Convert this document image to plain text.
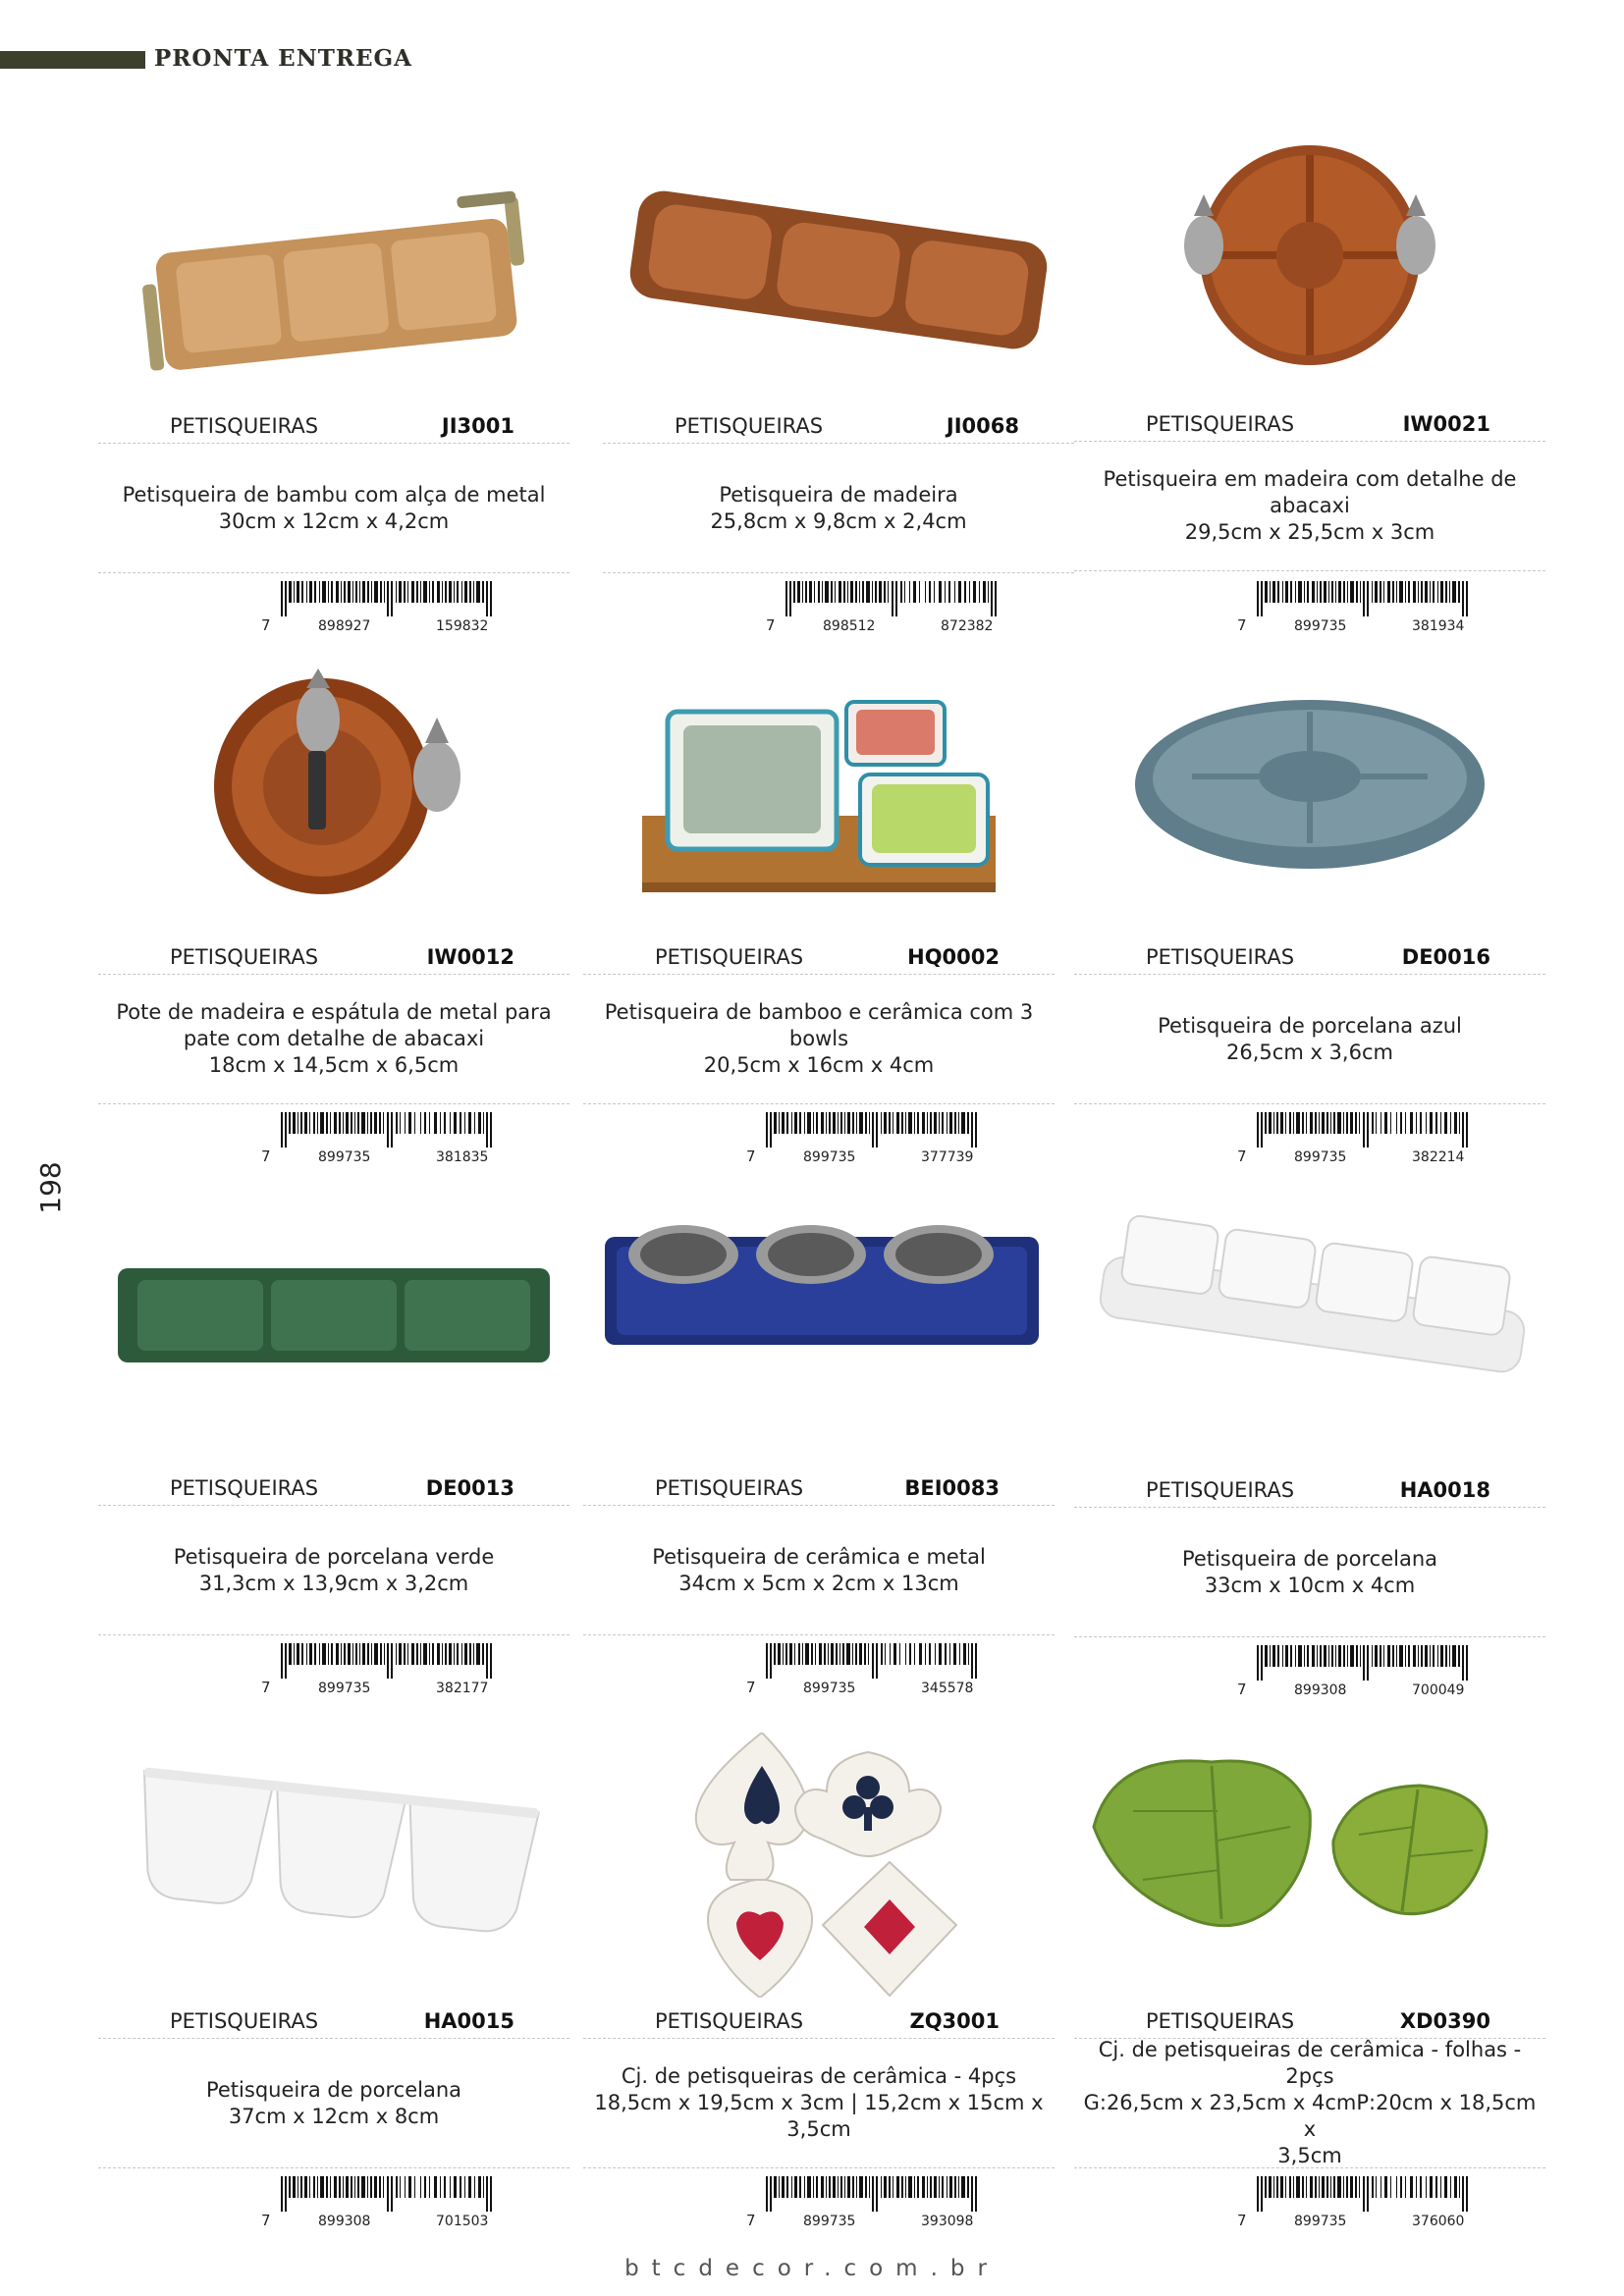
PRONTA ENTREGA
198
btcdecor.com.br
PETISQUEIRAS	JI3001
Petisqueira de bambu com alça de metal
30cm x 12cm x 4,2cm
7	898927	159832
PETISQUEIRAS	JI0068
Petisqueira de madeira
25,8cm x 9,8cm x 2,4cm
7	898512	872382
PETISQUEIRAS	IW0021
Petisqueira em madeira com detalhe de
abacaxi
29,5cm x 25,5cm x 3cm
7	899735	381934
PETISQUEIRAS	IW0012
Pote de madeira e espátula de metal para
pate com detalhe de abacaxi
18cm x 14,5cm x 6,5cm
7	899735	381835
PETISQUEIRAS	HQ0002
Petisqueira de bamboo e cerâmica com 3
bowls
20,5cm x 16cm x 4cm
7	899735	377739
PETISQUEIRAS	DE0016
Petisqueira de porcelana azul
26,5cm x 3,6cm
7	899735	382214
PETISQUEIRAS	DE0013
Petisqueira de porcelana verde
31,3cm x 13,9cm x 3,2cm
7	899735	382177
PETISQUEIRAS	BEI0083
Petisqueira de cerâmica e metal
34cm x 5cm x 2cm x 13cm
7	899735	345578
PETISQUEIRAS	HA0018
Petisqueira de porcelana
33cm x 10cm x 4cm
7	899308	700049
PETISQUEIRAS	HA0015
Petisqueira de porcelana
37cm x 12cm x 8cm
7	899308	701503
PETISQUEIRAS	ZQ3001
Cj. de petisqueiras de cerâmica - 4pçs
18,5cm x 19,5cm x 3cm | 15,2cm x 15cm x
3,5cm
7	899735	393098
PETISQUEIRAS	XD0390
Cj. de petisqueiras de cerâmica - folhas - 2pçs
G:26,5cm x 23,5cm x 4cmP:20cm x 18,5cm x
3,5cm
7	899735	376060
